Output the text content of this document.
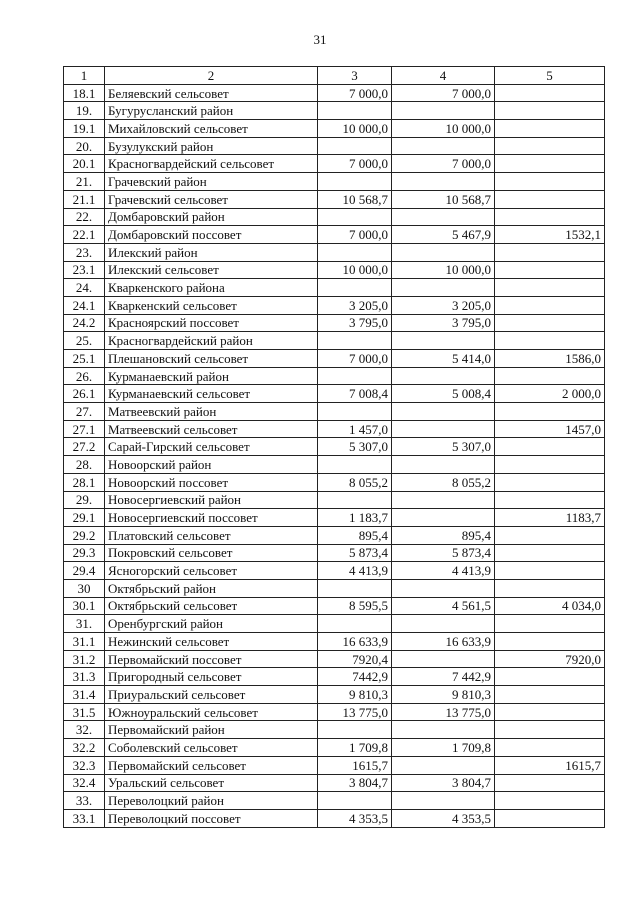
31
1	2	3	4	5
18.1	Беляевский сельсовет	7 000,0	7 000,0	
19.	Бугурусланский район			
19.1	Михайловский сельсовет	10 000,0	10 000,0	
20.	Бузулукский район			
20.1	Красногвардейский сельсовет	7 000,0	7 000,0	
21.	Грачевский район			
21.1	Грачевский сельсовет	10 568,7	10 568,7	
22.	Домбаровский район			
22.1	Домбаровский поссовет	7 000,0	5 467,9	1532,1
23.	Илекский район			
23.1	Илекский сельсовет	10 000,0	10 000,0	
24.	Кваркенского района			
24.1	Кваркенский сельсовет	3 205,0	3 205,0	
24.2	Красноярский поссовет	3 795,0	3 795,0	
25.	Красногвардейский район			
25.1	Плешановский сельсовет	7 000,0	5 414,0	1586,0
26.	Курманаевский район			
26.1	Курманаевский сельсовет	7 008,4	5 008,4	2 000,0
27.	Матвеевский район			
27.1	Матвеевский сельсовет	1 457,0		1457,0
27.2	Сарай-Гирский сельсовет	5 307,0	5 307,0	
28.	Новоорский район			
28.1	Новоорский поссовет	8 055,2	8 055,2	
29.	Новосергиевский район			
29.1	Новосергиевский поссовет	1 183,7		1183,7
29.2	Платовский сельсовет	895,4	895,4	
29.3	Покровский сельсовет	5 873,4	5 873,4	
29.4	Ясногорский сельсовет	4 413,9	4 413,9	
30	Октябрьский район			
30.1	Октябрьский сельсовет	8 595,5	4 561,5	4 034,0
31.	Оренбургский район			
31.1	Нежинский сельсовет	16 633,9	16 633,9	
31.2	Первомайский поссовет	7920,4		7920,0
31.3	Пригородный сельсовет	7442,9	7 442,9	
31.4	Приуральский сельсовет	9 810,3	9 810,3	
31.5	Южноуральский сельсовет	13 775,0	13 775,0	
32.	Первомайский район			
32.2	Соболевский сельсовет	1 709,8	1 709,8	
32.3	Первомайский сельсовет	1615,7		1615,7
32.4	Уральский сельсовет	3 804,7	3 804,7	
33.	Переволоцкий район			
33.1	Переволоцкий поссовет	4 353,5	4 353,5	
